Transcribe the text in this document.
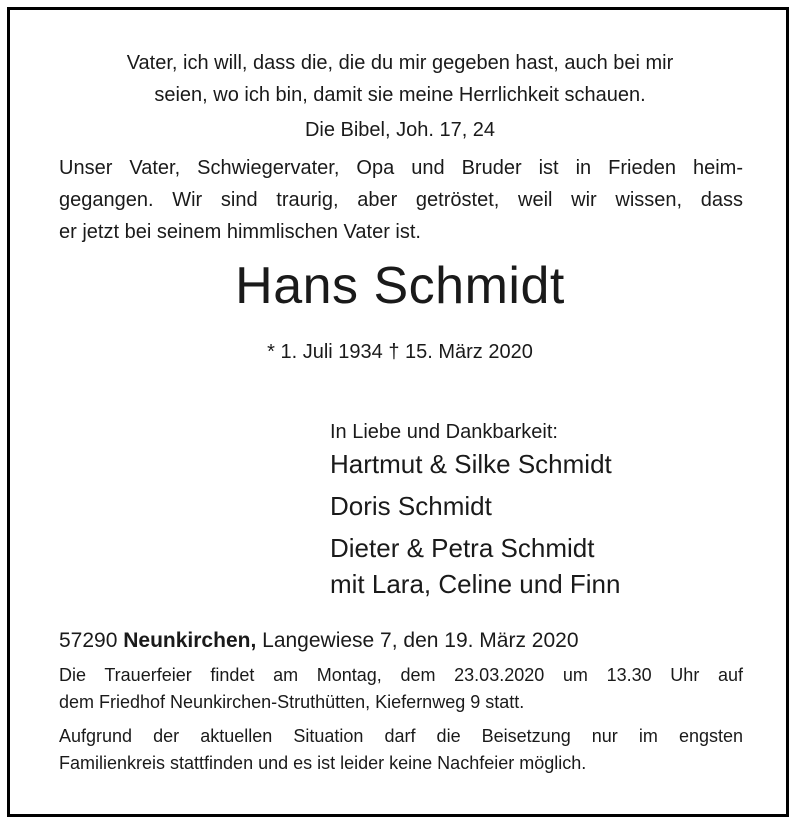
Vater, ich will, dass die, die du mir gegeben hast, auch bei mir
seien, wo ich bin, damit sie meine Herrlichkeit schauen.
Die Bibel, Joh. 17, 24
Unser Vater, Schwiegervater, Opa und Bruder ist in Frieden heim-
gegangen. Wir sind traurig, aber getröstet, weil wir wissen, dass
er jetzt bei seinem himmlischen Vater ist.
Hans Schmidt
* 1. Juli 1934 † 15. März 2020
In Liebe und Dankbarkeit:
Hartmut & Silke Schmidt
Doris Schmidt
Dieter & Petra Schmidt
mit Lara, Celine und Finn
57290 Neunkirchen, Langewiese 7, den 19. März 2020
Die Trauerfeier findet am Montag, dem 23.03.2020 um 13.30 Uhr auf
dem Friedhof Neunkirchen-Struthütten, Kiefernweg 9 statt.
Aufgrund der aktuellen Situation darf die Beisetzung nur im engsten
Familienkreis stattfinden und es ist leider keine Nachfeier möglich.
